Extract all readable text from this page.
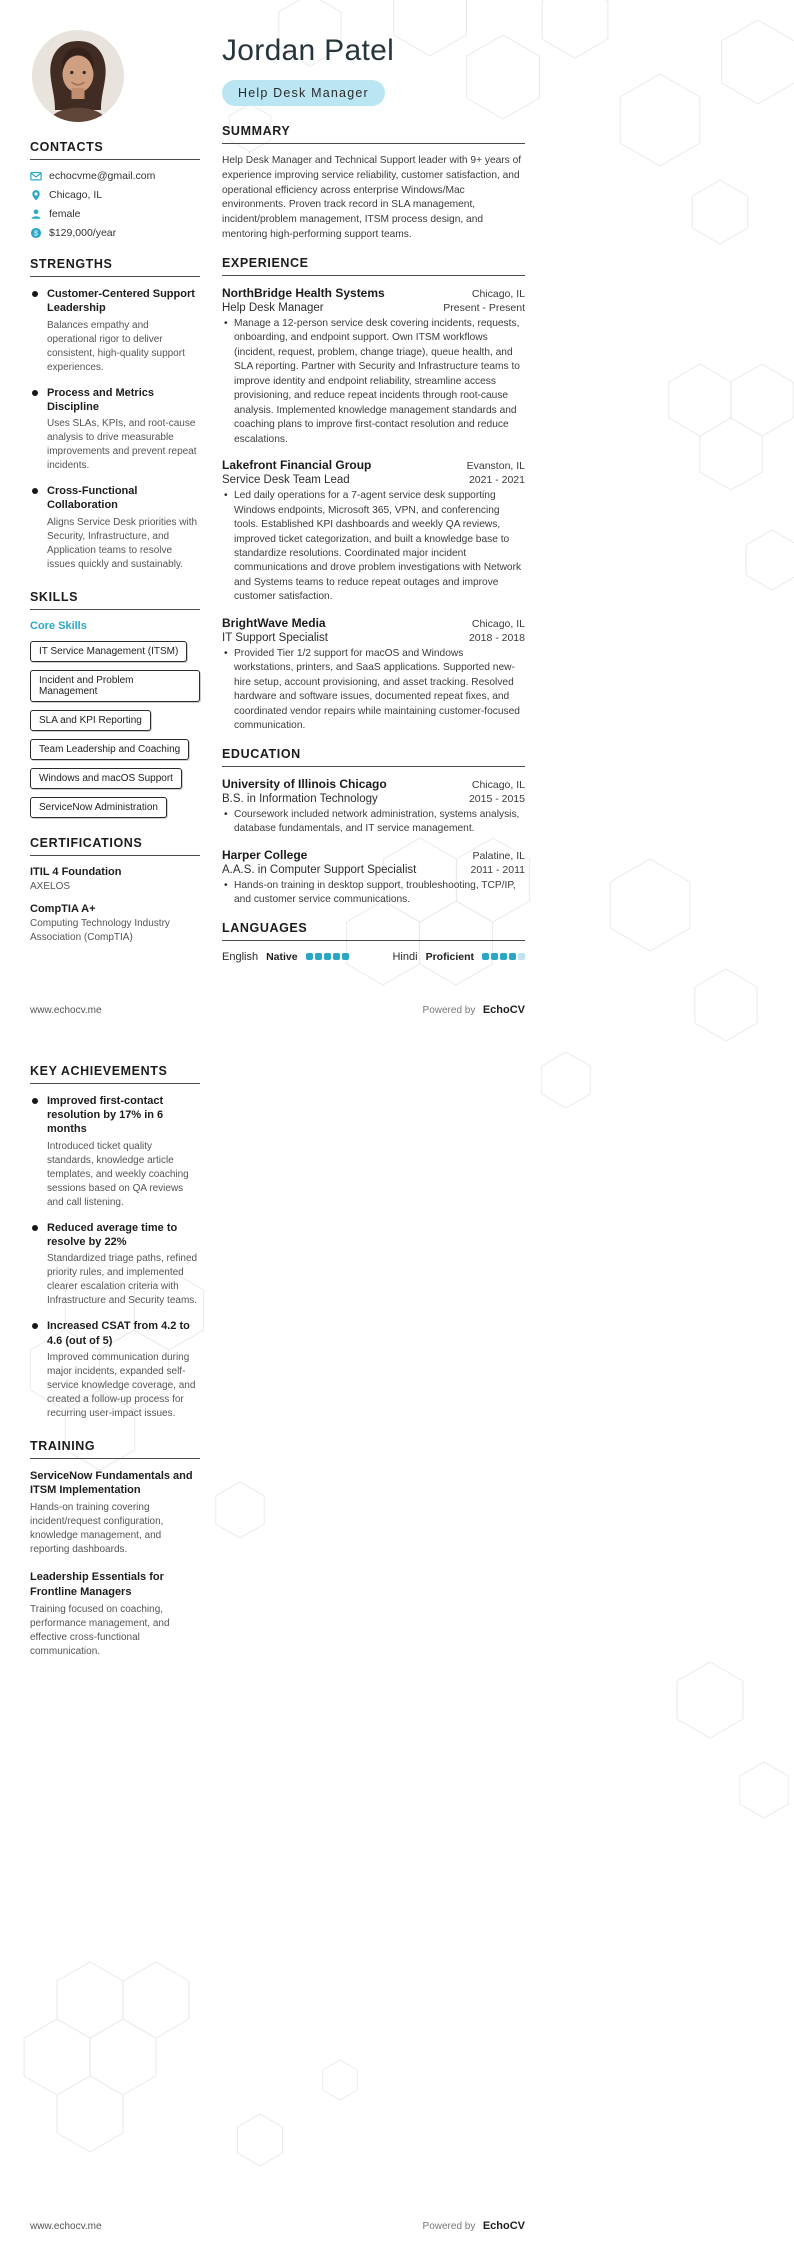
CONTACTS
echocvme@gmail.com
Chicago, IL
female
$ $129,000/year
STRENGTHS
Customer-Centered Support Leadership
Balances empathy and operational rigor to deliver consistent, high-quality support experiences.
Process and Metrics Discipline
Uses SLAs, KPIs, and root-cause analysis to drive measurable improvements and prevent repeat incidents.
Cross-Functional Collaboration
Aligns Service Desk priorities with Security, Infrastructure, and Application teams to resolve issues quickly and sustainably.
SKILLS
Core Skills
IT Service Management (ITSM)
Incident and Problem Management
SLA and KPI Reporting
Team Leadership and Coaching
Windows and macOS Support
ServiceNow Administration
CERTIFICATIONS
ITIL 4 Foundation
AXELOS
CompTIA A+
Computing Technology Industry Association (CompTIA)
Jordan Patel
Help Desk Manager
SUMMARY

Help Desk Manager and Technical Support leader with 9+ years of experience improving service reliability, customer satisfaction, and operational efficiency across enterprise Windows/Mac environments. Proven track record in SLA management, incident/problem management, ITSM process design, and mentoring high-performing support teams.

EXPERIENCE
NorthBridge Health Systems	Chicago, IL
Help Desk Manager	Present - Present

• Manage a 12-person service desk covering incidents, requests, onboarding, and endpoint support. Own ITSM workflows (incident, request, problem, change triage), queue health, and SLA reporting. Partner with Security and Infrastructure teams to improve identity and endpoint reliability, streamline access provisioning, and reduce repeat incidents through root-cause analysis. Implemented knowledge management standards and coaching plans to improve first-contact resolution and reduce escalations.

Lakefront Financial Group	Evanston, IL
Service Desk Team Lead	2021 - 2021

• Led daily operations for a 7-agent service desk supporting Windows endpoints, Microsoft 365, VPN, and conferencing tools. Established KPI dashboards and weekly QA reviews, improved ticket categorization, and built a knowledge base to standardize resolutions. Coordinated major incident communications and drove problem investigations with Network and Systems teams to reduce repeat outages and improve customer satisfaction.

BrightWave Media	Chicago, IL
IT Support Specialist	2018 - 2018

• Provided Tier 1/2 support for macOS and Windows workstations, printers, and SaaS applications. Supported new-hire setup, account provisioning, and asset tracking. Resolved hardware and software issues, documented repeat fixes, and coordinated vendor repairs while maintaining customer-focused communication.

EDUCATION
University of Illinois Chicago	Chicago, IL
B.S. in Information Technology	2015 - 2015

• Coursework included network administration, systems analysis, database fundamentals, and IT service management.

Harper College	Palatine, IL
A.A.S. in Computer Support Specialist	2011 - 2011

• Hands-on training in desktop support, troubleshooting, TCP/IP, and customer service communications.

LANGUAGES
English Native	Hindi Proficient
www.echocv.me	Powered by EchoCV
KEY ACHIEVEMENTS
Improved first-contact resolution by 17% in 6 months
Introduced ticket quality standards, knowledge article templates, and weekly coaching sessions based on QA reviews and call listening.
Reduced average time to resolve by 22%
Standardized triage paths, refined priority rules, and implemented clearer escalation criteria with Infrastructure and Security teams.
Increased CSAT from 4.2 to 4.6 (out of 5)
Improved communication during major incidents, expanded self-service knowledge coverage, and created a follow-up process for recurring user-impact issues.
TRAINING
ServiceNow Fundamentals and ITSM Implementation
Hands-on training covering incident/request configuration, knowledge management, and reporting dashboards.
Leadership Essentials for Frontline Managers
Training focused on coaching, performance management, and effective cross-functional communication.
www.echocv.me	Powered by EchoCV
